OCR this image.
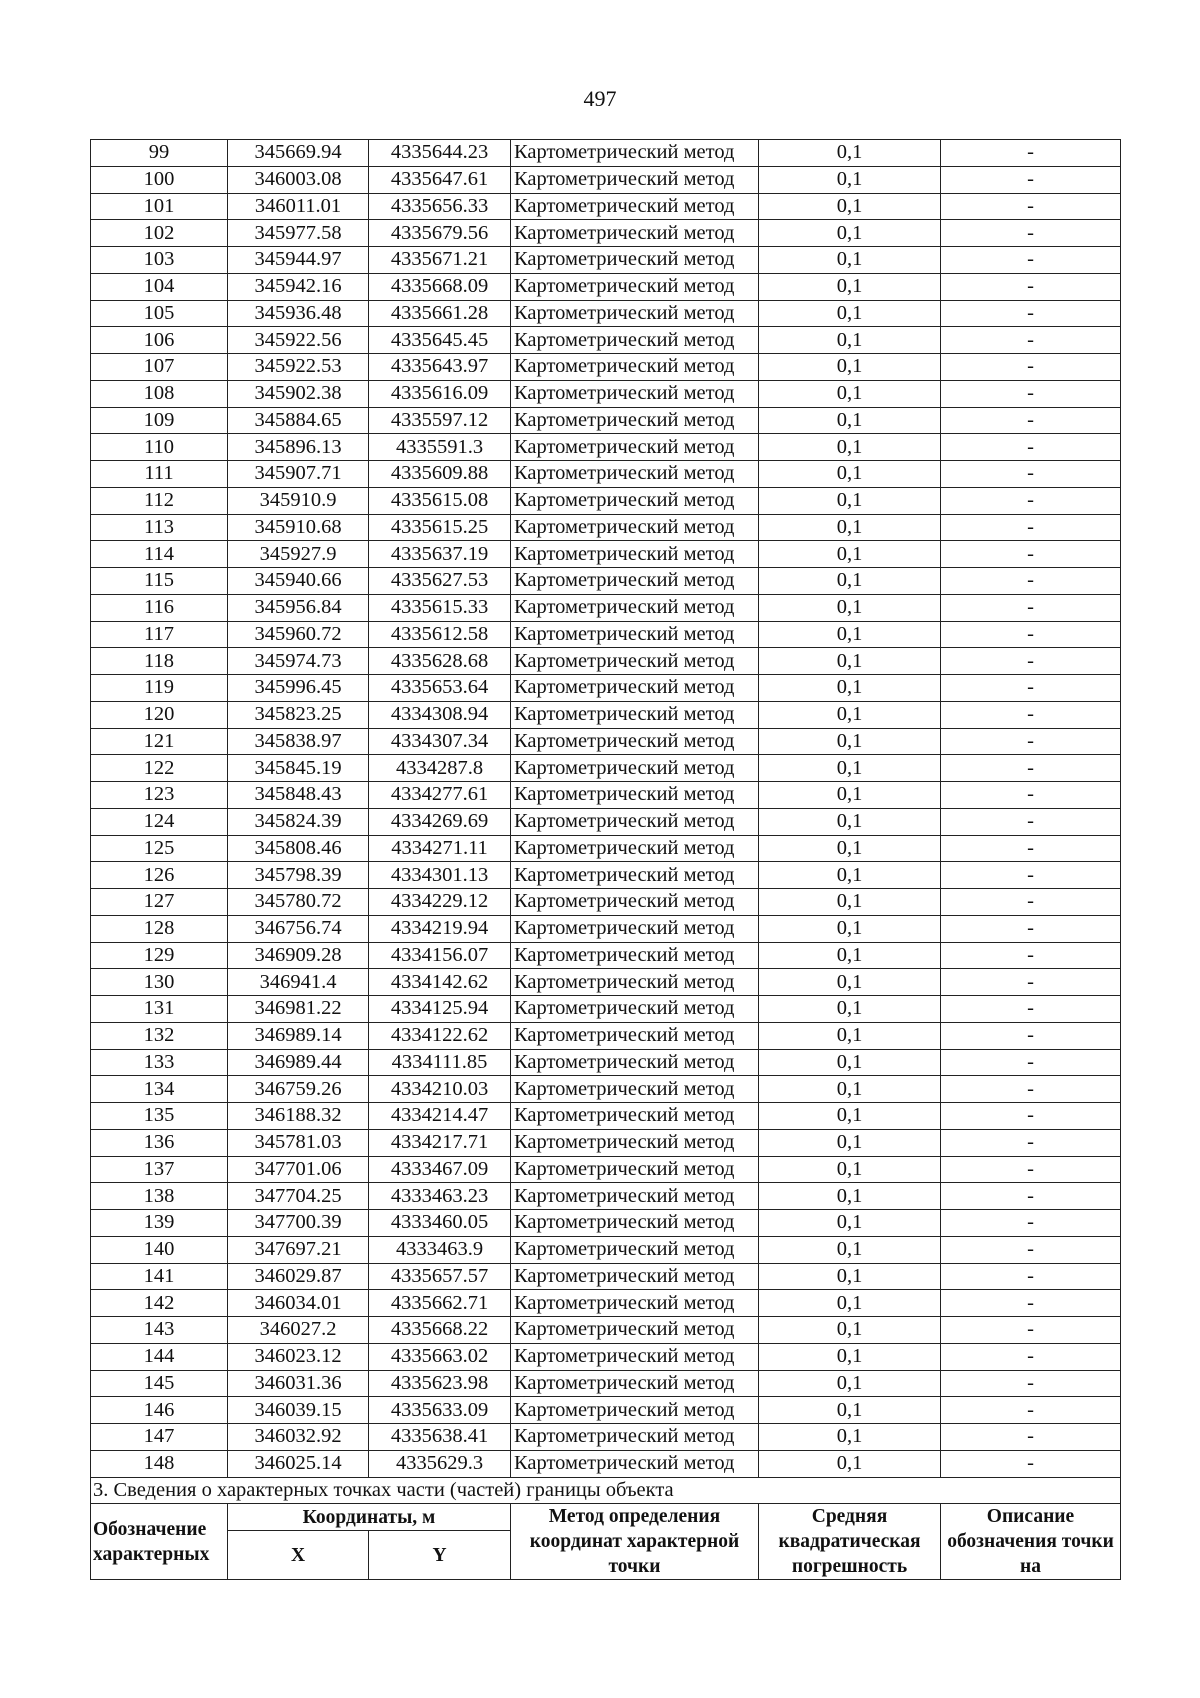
497
99	345669.94	4335644.23	Картометрический метод	0,1	-
100	346003.08	4335647.61	Картометрический метод	0,1	-
101	346011.01	4335656.33	Картометрический метод	0,1	-
102	345977.58	4335679.56	Картометрический метод	0,1	-
103	345944.97	4335671.21	Картометрический метод	0,1	-
104	345942.16	4335668.09	Картометрический метод	0,1	-
105	345936.48	4335661.28	Картометрический метод	0,1	-
106	345922.56	4335645.45	Картометрический метод	0,1	-
107	345922.53	4335643.97	Картометрический метод	0,1	-
108	345902.38	4335616.09	Картометрический метод	0,1	-
109	345884.65	4335597.12	Картометрический метод	0,1	-
110	345896.13	4335591.3	Картометрический метод	0,1	-
111	345907.71	4335609.88	Картометрический метод	0,1	-
112	345910.9	4335615.08	Картометрический метод	0,1	-
113	345910.68	4335615.25	Картометрический метод	0,1	-
114	345927.9	4335637.19	Картометрический метод	0,1	-
115	345940.66	4335627.53	Картометрический метод	0,1	-
116	345956.84	4335615.33	Картометрический метод	0,1	-
117	345960.72	4335612.58	Картометрический метод	0,1	-
118	345974.73	4335628.68	Картометрический метод	0,1	-
119	345996.45	4335653.64	Картометрический метод	0,1	-
120	345823.25	4334308.94	Картометрический метод	0,1	-
121	345838.97	4334307.34	Картометрический метод	0,1	-
122	345845.19	4334287.8	Картометрический метод	0,1	-
123	345848.43	4334277.61	Картометрический метод	0,1	-
124	345824.39	4334269.69	Картометрический метод	0,1	-
125	345808.46	4334271.11	Картометрический метод	0,1	-
126	345798.39	4334301.13	Картометрический метод	0,1	-
127	345780.72	4334229.12	Картометрический метод	0,1	-
128	346756.74	4334219.94	Картометрический метод	0,1	-
129	346909.28	4334156.07	Картометрический метод	0,1	-
130	346941.4	4334142.62	Картометрический метод	0,1	-
131	346981.22	4334125.94	Картометрический метод	0,1	-
132	346989.14	4334122.62	Картометрический метод	0,1	-
133	346989.44	4334111.85	Картометрический метод	0,1	-
134	346759.26	4334210.03	Картометрический метод	0,1	-
135	346188.32	4334214.47	Картометрический метод	0,1	-
136	345781.03	4334217.71	Картометрический метод	0,1	-
137	347701.06	4333467.09	Картометрический метод	0,1	-
138	347704.25	4333463.23	Картометрический метод	0,1	-
139	347700.39	4333460.05	Картометрический метод	0,1	-
140	347697.21	4333463.9	Картометрический метод	0,1	-
141	346029.87	4335657.57	Картометрический метод	0,1	-
142	346034.01	4335662.71	Картометрический метод	0,1	-
143	346027.2	4335668.22	Картометрический метод	0,1	-
144	346023.12	4335663.02	Картометрический метод	0,1	-
145	346031.36	4335623.98	Картометрический метод	0,1	-
146	346039.15	4335633.09	Картометрический метод	0,1	-
147	346032.92	4335638.41	Картометрический метод	0,1	-
148	346025.14	4335629.3	Картометрический метод	0,1	-
3. Сведения о характерных точках части (частей) границы объекта					
Обозначение характерных	Координаты, м		Метод определения координат характерной точки	Средняя квадратическая погрешность	Описание обозначения точки на
	X	Y			
